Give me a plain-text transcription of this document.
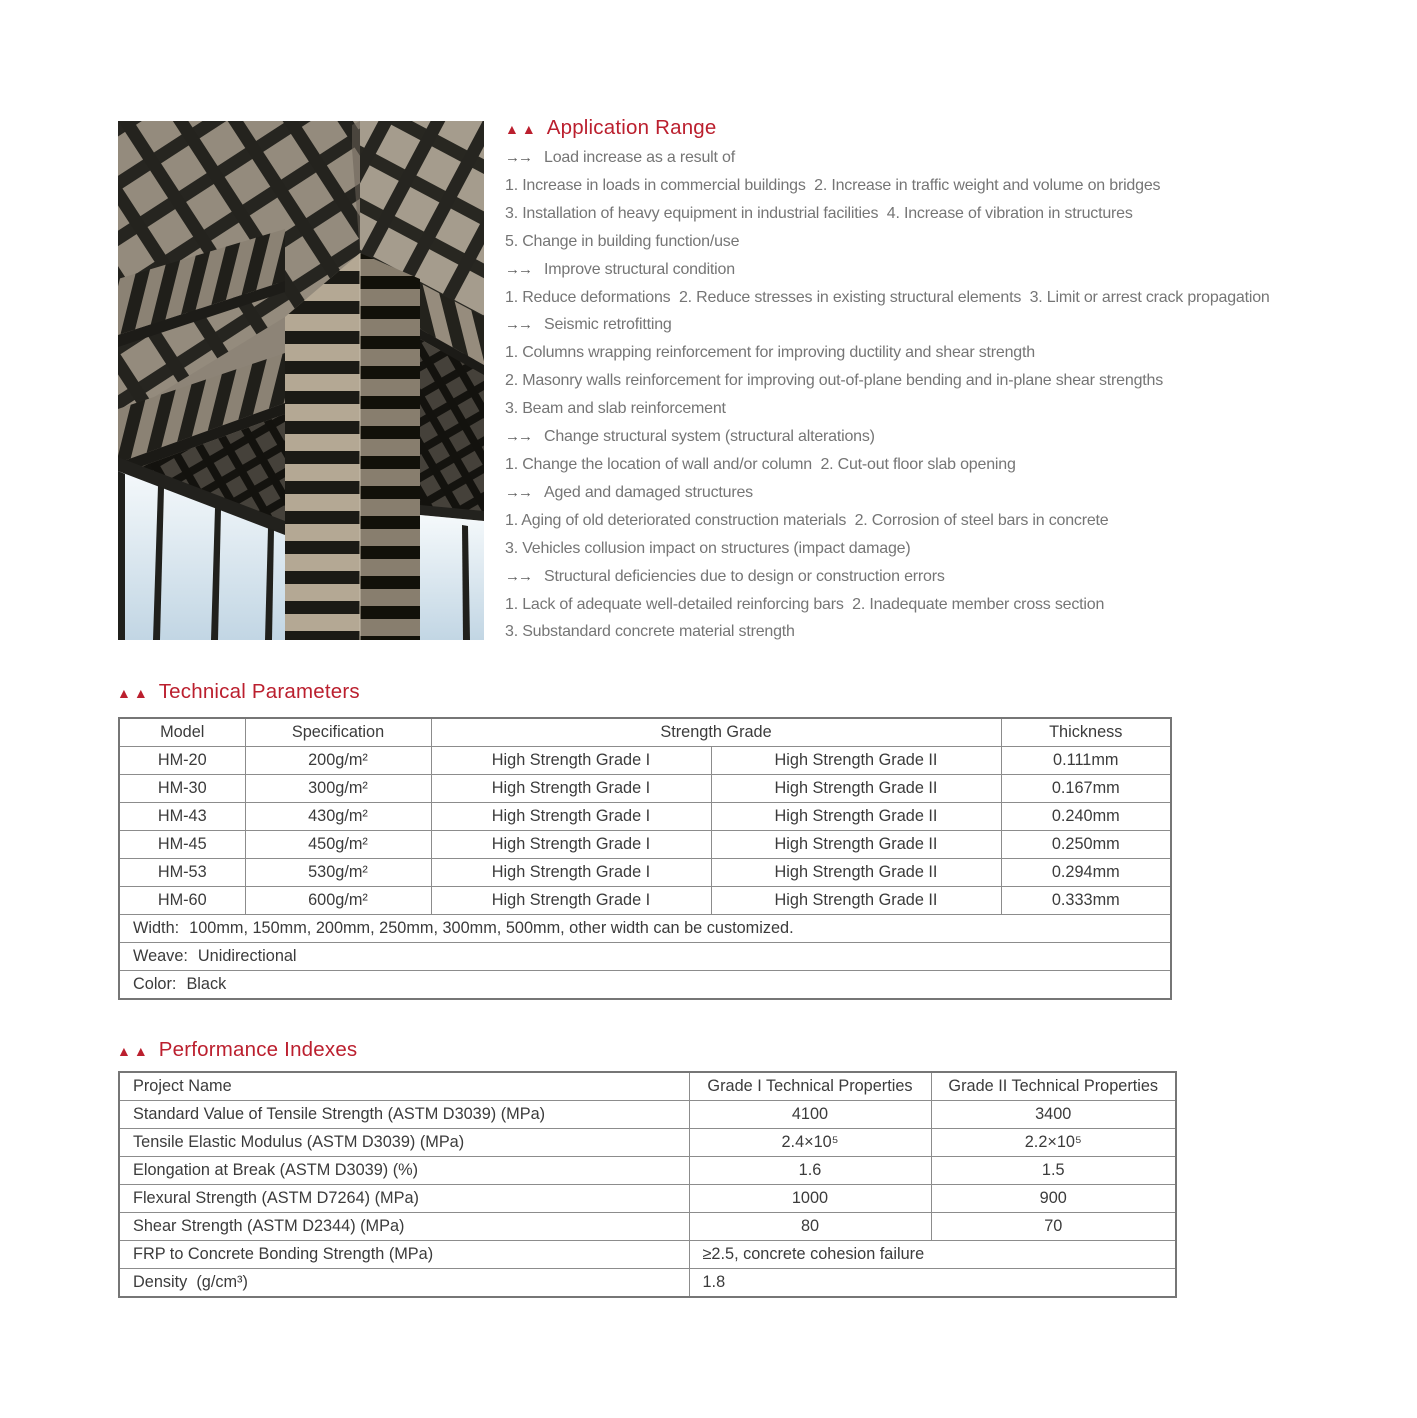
▲▲ Application Range
→→ Load increase as a result of
1. Increase in loads in commercial buildings  2. Increase in traffic weight and volume on bridges
3. Installation of heavy equipment in industrial facilities  4. Increase of vibration in structures
5. Change in building function/use
→→ Improve structural condition
1. Reduce deformations  2. Reduce stresses in existing structural elements  3. Limit or arrest crack propagation
→→ Seismic retrofitting
1. Columns wrapping reinforcement for improving ductility and shear strength
2. Masonry walls reinforcement for improving out-of-plane bending and in-plane shear strengths
3. Beam and slab reinforcement
→→ Change structural system (structural alterations)
1. Change the location of wall and/or column  2. Cut-out floor slab opening
→→ Aged and damaged structures
1. Aging of old deteriorated construction materials  2. Corrosion of steel bars in concrete
3. Vehicles collusion impact on structures (impact damage)
→→ Structural deficiencies due to design or construction errors
1. Lack of adequate well-detailed reinforcing bars  2. Inadequate member cross section
3. Substandard concrete material strength
▲▲ Technical Parameters
Model	Specification	Strength Grade		Thickness
HM-20	200g/m²	High Strength Grade I	High Strength Grade II	0.111mm
HM-30	300g/m²	High Strength Grade I	High Strength Grade II	0.167mm
HM-43	430g/m²	High Strength Grade I	High Strength Grade II	0.240mm
HM-45	450g/m²	High Strength Grade I	High Strength Grade II	0.250mm
HM-53	530g/m²	High Strength Grade I	High Strength Grade II	0.294mm
HM-60	600g/m²	High Strength Grade I	High Strength Grade II	0.333mm
Width: 100mm, 150mm, 200mm, 250mm, 300mm, 500mm, other width can be customized.				
Weave: Unidirectional				
Color: Black				
▲▲ Performance Indexes
Project Name	Grade I Technical Properties	Grade II Technical Properties
Standard Value of Tensile Strength (ASTM D3039) (MPa)	4100	3400
Tensile Elastic Modulus (ASTM D3039) (MPa)	2.4×10⁵	2.2×10⁵
Elongation at Break (ASTM D3039) (%)	1.6	1.5
Flexural Strength (ASTM D7264) (MPa)	1000	900
Shear Strength (ASTM D2344) (MPa)	80	70
FRP to Concrete Bonding Strength (MPa)	≥2.5, concrete cohesion failure	
Density  (g/cm³)	1.8	
